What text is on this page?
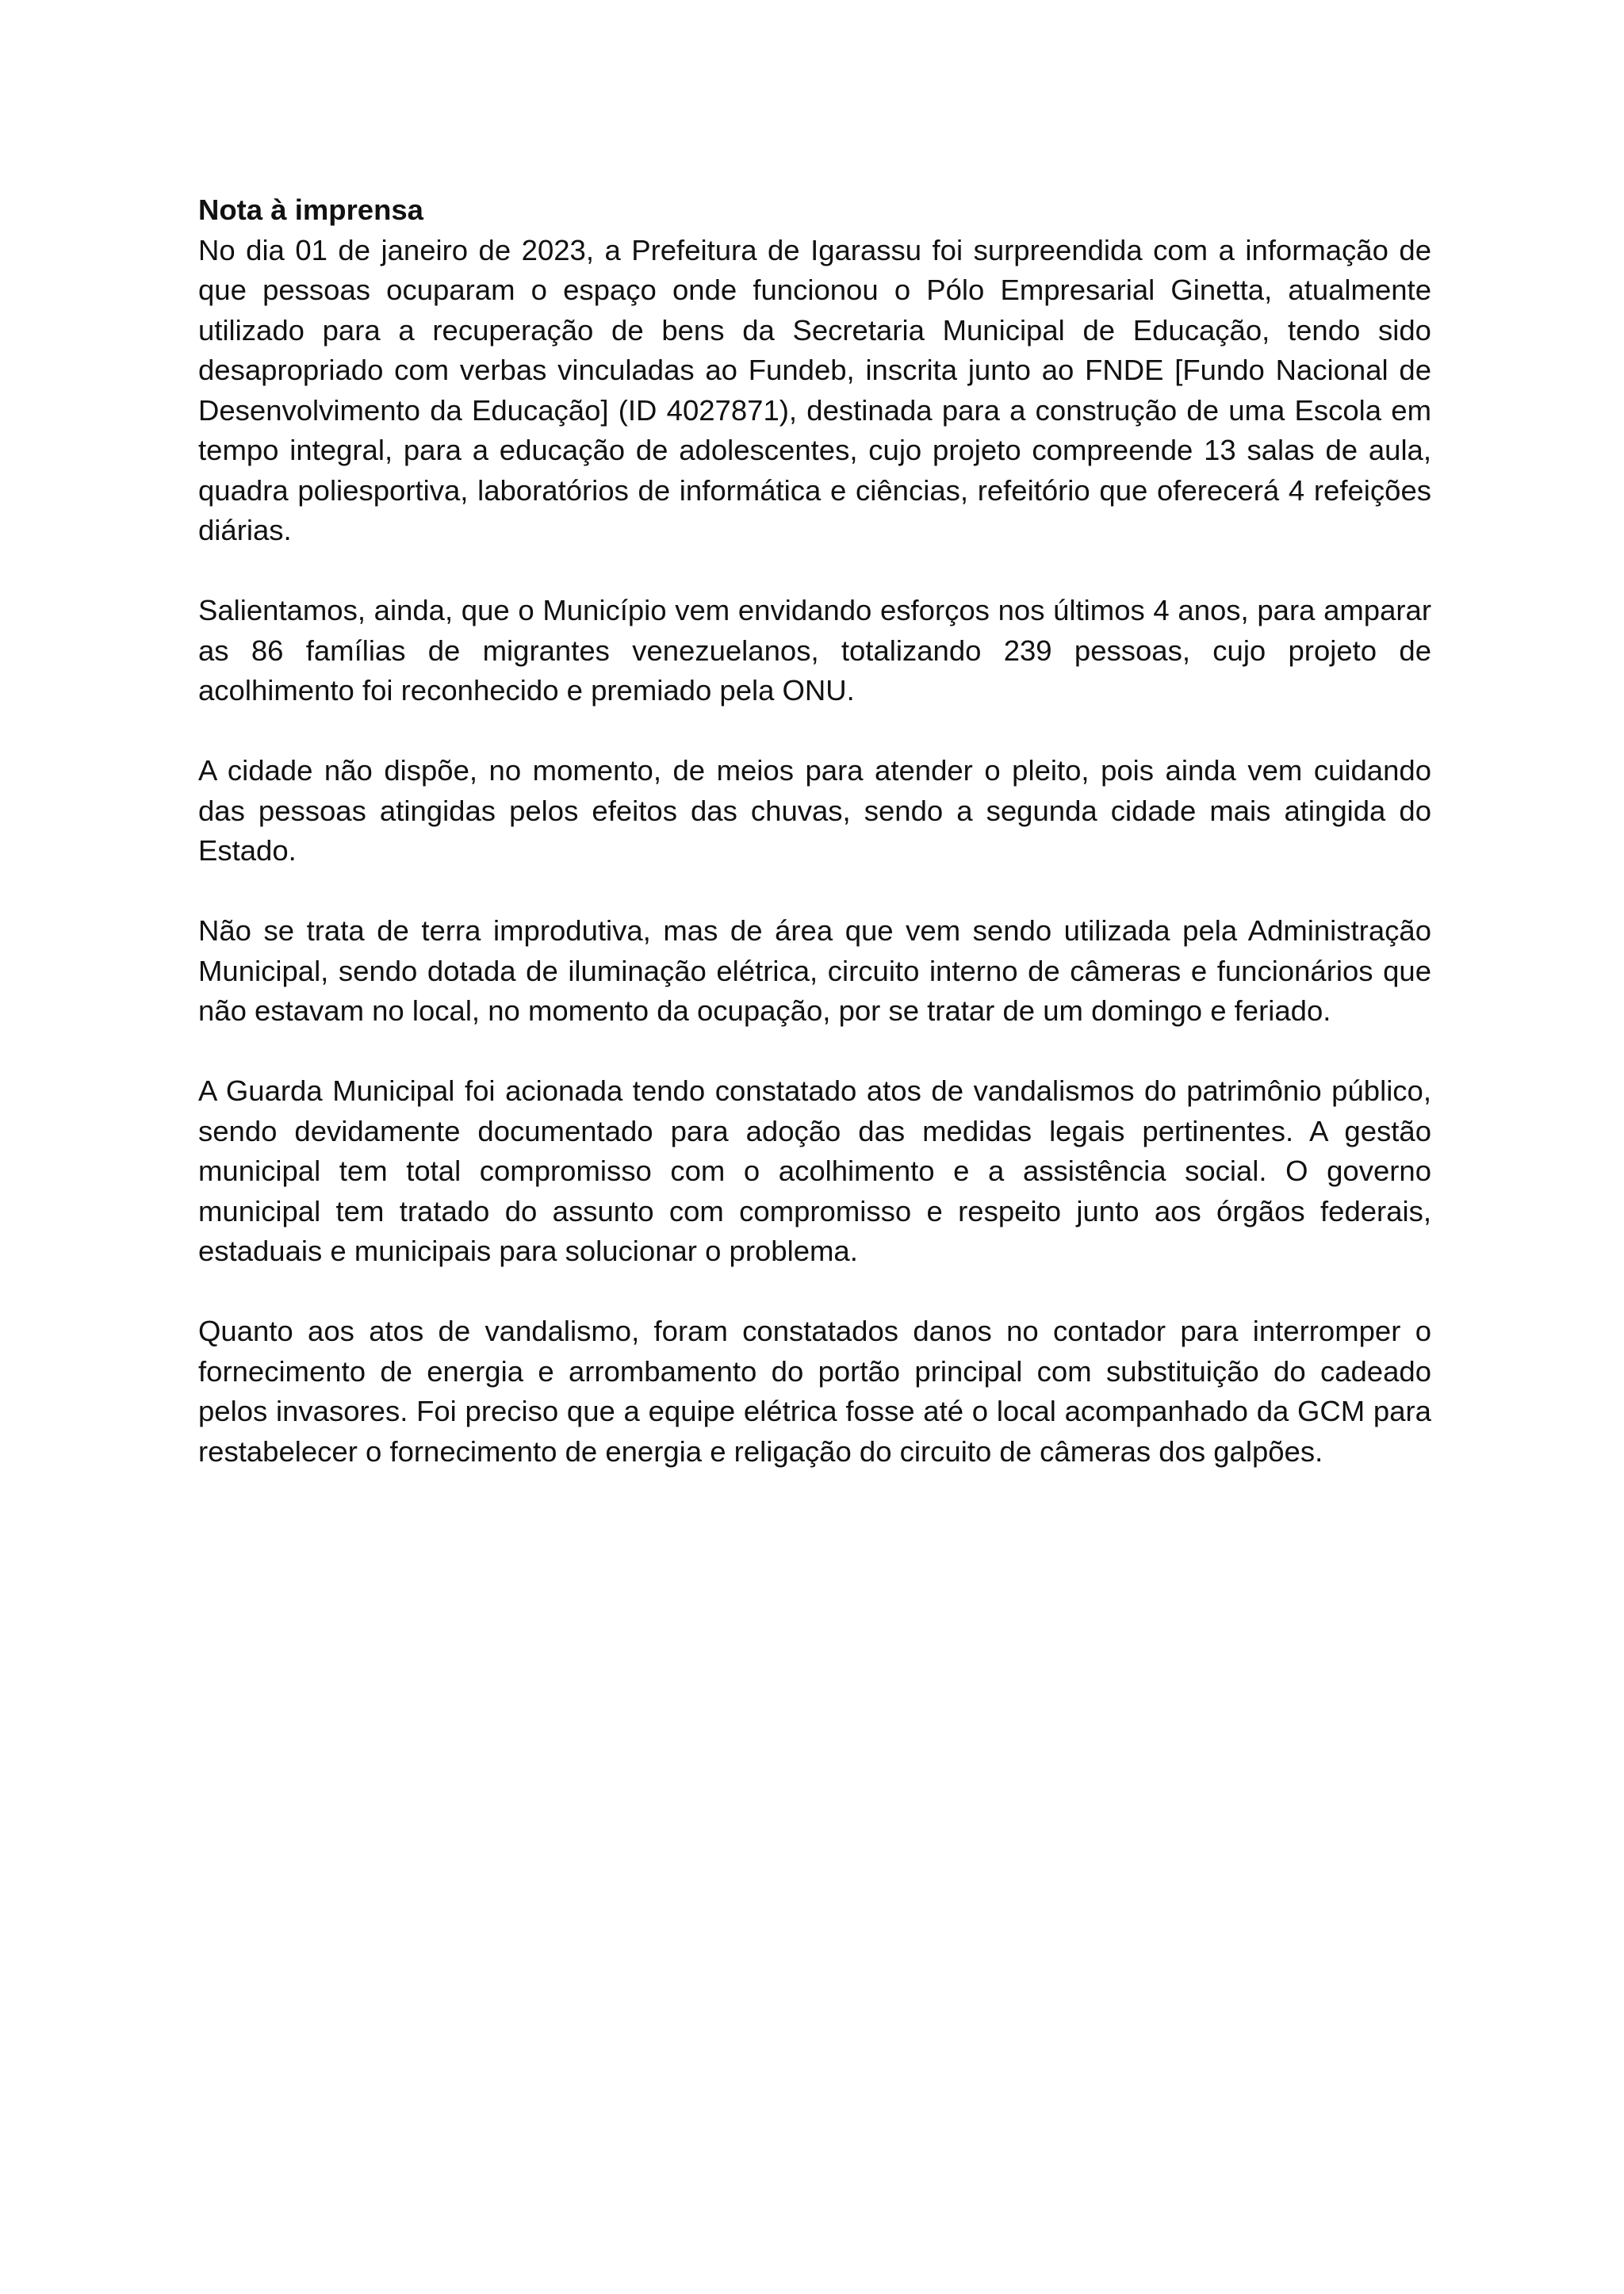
Nota à imprensa

No dia 01 de janeiro de 2023, a Prefeitura de Igarassu foi surpreendida com a informação de que pessoas ocuparam o espaço onde funcionou o Pólo Empresarial Ginetta, atualmente utilizado para a recuperação de bens da Secretaria Municipal de Educação, tendo sido desapropriado com verbas vinculadas ao Fundeb, inscrita junto ao FNDE [Fundo Nacional de Desenvolvimento da Educação] (ID 4027871), destinada para a construção de uma Escola em tempo integral, para a educação de adolescentes, cujo projeto compreende 13 salas de aula, quadra poliesportiva, laboratórios de informática e ciências, refeitório que oferecerá 4 refeições diárias.

Salientamos, ainda, que o Município vem envidando esforços nos últimos 4 anos, para amparar as 86 famílias de migrantes venezuelanos, totalizando 239 pessoas, cujo projeto de acolhimento foi reconhecido e premiado pela ONU.

A cidade não dispõe, no momento, de meios para atender o pleito, pois ainda vem cuidando das pessoas atingidas pelos efeitos das chuvas, sendo a segunda cidade mais atingida do Estado.

Não se trata de terra improdutiva, mas de área que vem sendo utilizada pela Administração Municipal, sendo dotada de iluminação elétrica, circuito interno de câmeras e funcionários que não estavam no local, no momento da ocupação, por se tratar de um domingo e feriado.

A Guarda Municipal foi acionada tendo constatado atos de vandalismos do patrimônio público, sendo devidamente documentado para adoção das medidas legais pertinentes. A gestão municipal tem total compromisso com o acolhimento e a assistência social. O governo municipal tem tratado do assunto com compromisso e respeito junto aos órgãos federais, estaduais e municipais para solucionar o problema.

Quanto aos atos de vandalismo, foram constatados danos no contador para interromper o fornecimento de energia e arrombamento do portão principal com substituição do cadeado pelos invasores. Foi preciso que a equipe elétrica fosse até o local acompanhado da GCM para restabelecer o fornecimento de energia e religação do circuito de câmeras dos galpões.
